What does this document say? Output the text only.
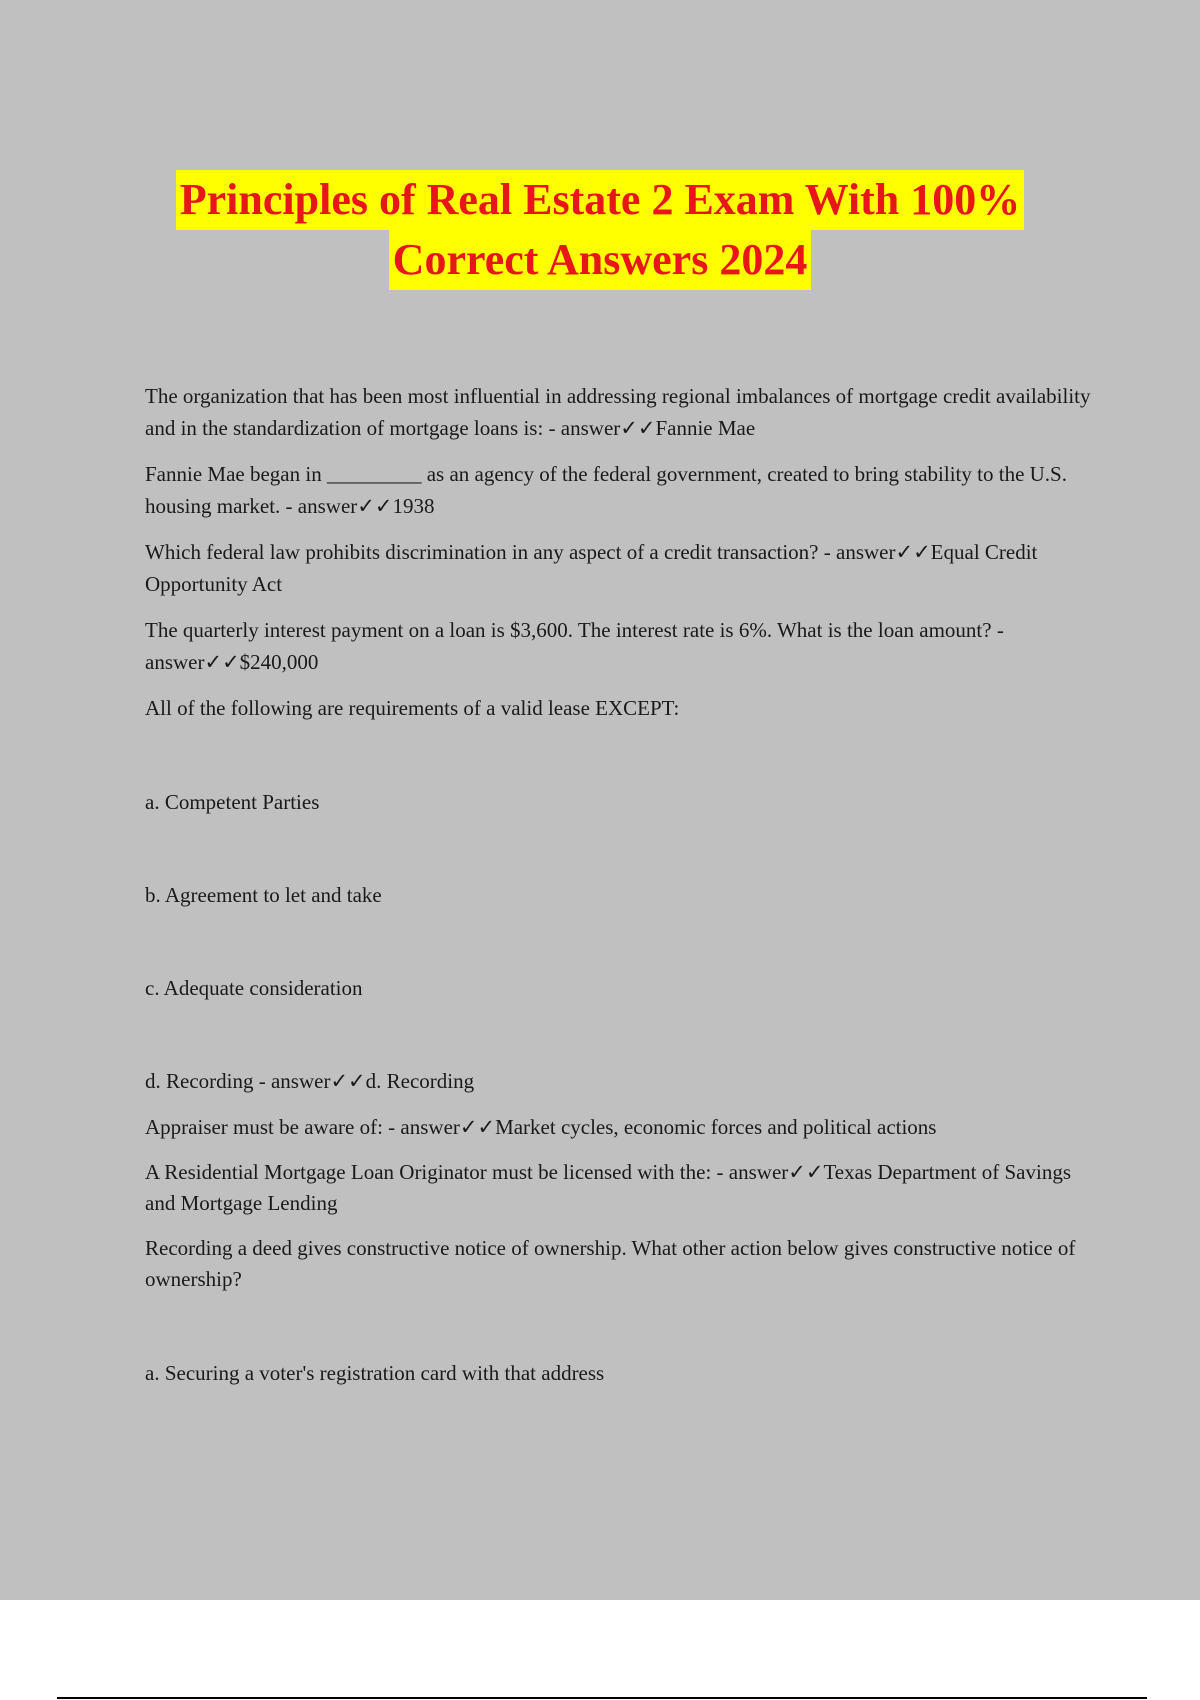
Principles of Real Estate 2 Exam With 100%
Correct Answers 2024

The organization that has been most influential in addressing regional imbalances of mortgage credit availability and in the standardization of mortgage loans is: - answer✓✓Fannie Mae

Fannie Mae began in _________ as an agency of the federal government, created to bring stability to the U.S. housing market. - answer✓✓1938

Which federal law prohibits discrimination in any aspect of a credit transaction? - answer✓✓Equal Credit Opportunity Act

The quarterly interest payment on a loan is $3,600. The interest rate is 6%. What is the loan amount? - answer✓✓$240,000

All of the following are requirements of a valid lease EXCEPT:

a. Competent Parties

b. Agreement to let and take

c. Adequate consideration

d. Recording - answer✓✓d. Recording

Appraiser must be aware of: - answer✓✓Market cycles, economic forces and political actions

A Residential Mortgage Loan Originator must be licensed with the: - answer✓✓Texas Department of Savings and Mortgage Lending

Recording a deed gives constructive notice of ownership. What other action below gives constructive notice of ownership?

a. Securing a voter's registration card with that address
